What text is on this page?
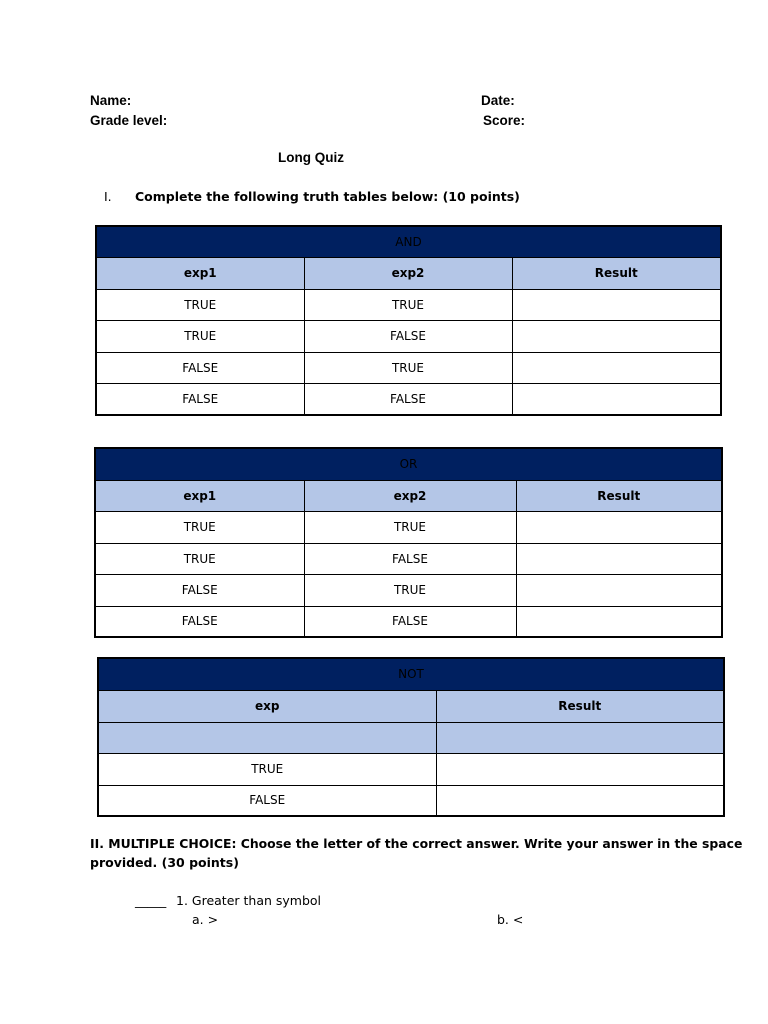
Name:	Date:
Grade level:	Score:
Long Quiz
I. Complete the following truth tables below: (10 points)
AND		
exp1	exp2	Result
TRUE	TRUE	
TRUE	FALSE	
FALSE	TRUE	
FALSE	FALSE	
OR		
exp1	exp2	Result
TRUE	TRUE	
TRUE	FALSE	
FALSE	TRUE	
FALSE	FALSE	
NOT	
exp	Result

TRUE	
FALSE	
II. MULTIPLE CHOICE: Choose the letter of the correct answer. Write your answer in the space
provided. (30 points)
_____ 1. Greater than symbol
a. >	b. <
